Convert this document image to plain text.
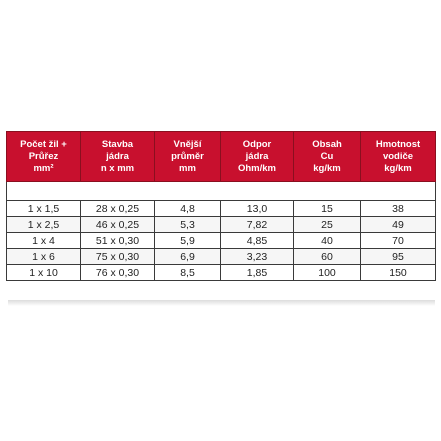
Počet žil +
Průřez
mm²	Stavba
jádra
n x mm	Vnější
průměr
mm	Odpor
jádra
Ohm/km	Obsah
Cu
kg/km	Hmotnost
vodiče
kg/km

1 x 1,5	28 x 0,25	4,8	13,0	15	38
1 x 2,5	46 x 0,25	5,3	7,82	25	49
1 x 4	51 x 0,30	5,9	4,85	40	70
1 x 6	75 x 0,30	6,9	3,23	60	95
1 x 10	76 x 0,30	8,5	1,85	100	150
